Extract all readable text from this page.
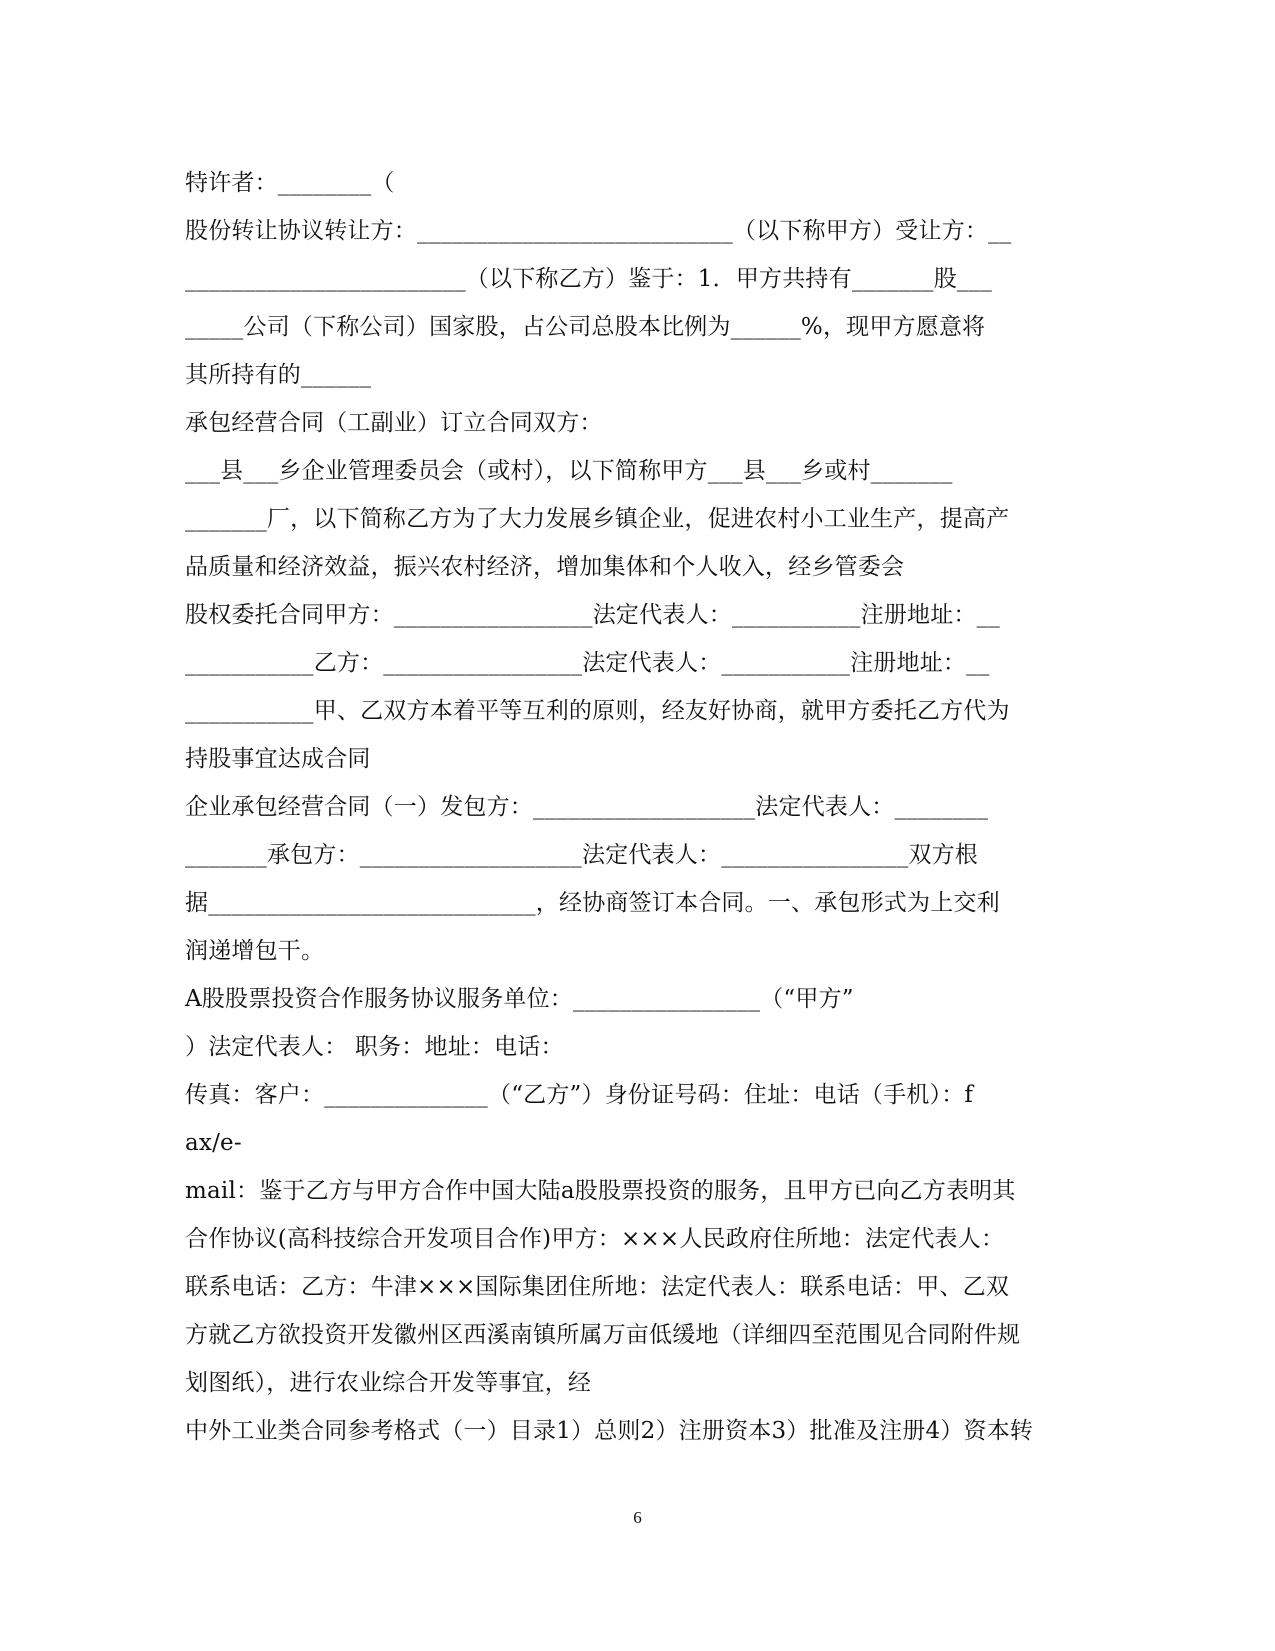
特许者：________（
股份转让协议转让方：___________________________（以下称甲方）受让方：__
________________________（以下称乙方）鉴于：1．甲方共持有_______股___
_____公司（下称公司）国家股，占公司总股本比例为______%，现甲方愿意将
其所持有的______
承包经营合同（工副业）订立合同双方：
___县___乡企业管理委员会（或村），以下简称甲方___县___乡或村_______
_______厂，以下简称乙方为了大力发展乡镇企业，促进农村小工业生产，提高产
品质量和经济效益，振兴农村经济，增加集体和个人收入，经乡管委会
股权委托合同甲方：_________________法定代表人：___________注册地址：__
___________乙方：_________________法定代表人：___________注册地址：__
___________甲、乙双方本着平等互利的原则，经友好协商，就甲方委托乙方代为
持股事宜达成合同
企业承包经营合同（一）发包方：___________________法定代表人：________
_______承包方：___________________法定代表人：________________双方根
据____________________________，经协商签订本合同。一、承包形式为上交利
润递增包干。
A股股票投资合作服务协议服务单位：________________（“甲方”
）法定代表人： 职务：地址：电话：
传真：客户：______________（“乙方”）身份证号码：住址：电话（手机）：f
ax/e-
mail：鉴于乙方与甲方合作中国大陆a股股票投资的服务，且甲方已向乙方表明其
合作协议(高科技综合开发项目合作)甲方：×××人民政府住所地：法定代表人：
联系电话：乙方：牛津×××国际集团住所地：法定代表人：联系电话：甲、乙双
方就乙方欲投资开发徽州区西溪南镇所属万亩低缓地（详细四至范围见合同附件规
划图纸），进行农业综合开发等事宜，经
中外工业类合同参考格式（一）目录1）总则2）注册资本3）批准及注册4）资本转
6
